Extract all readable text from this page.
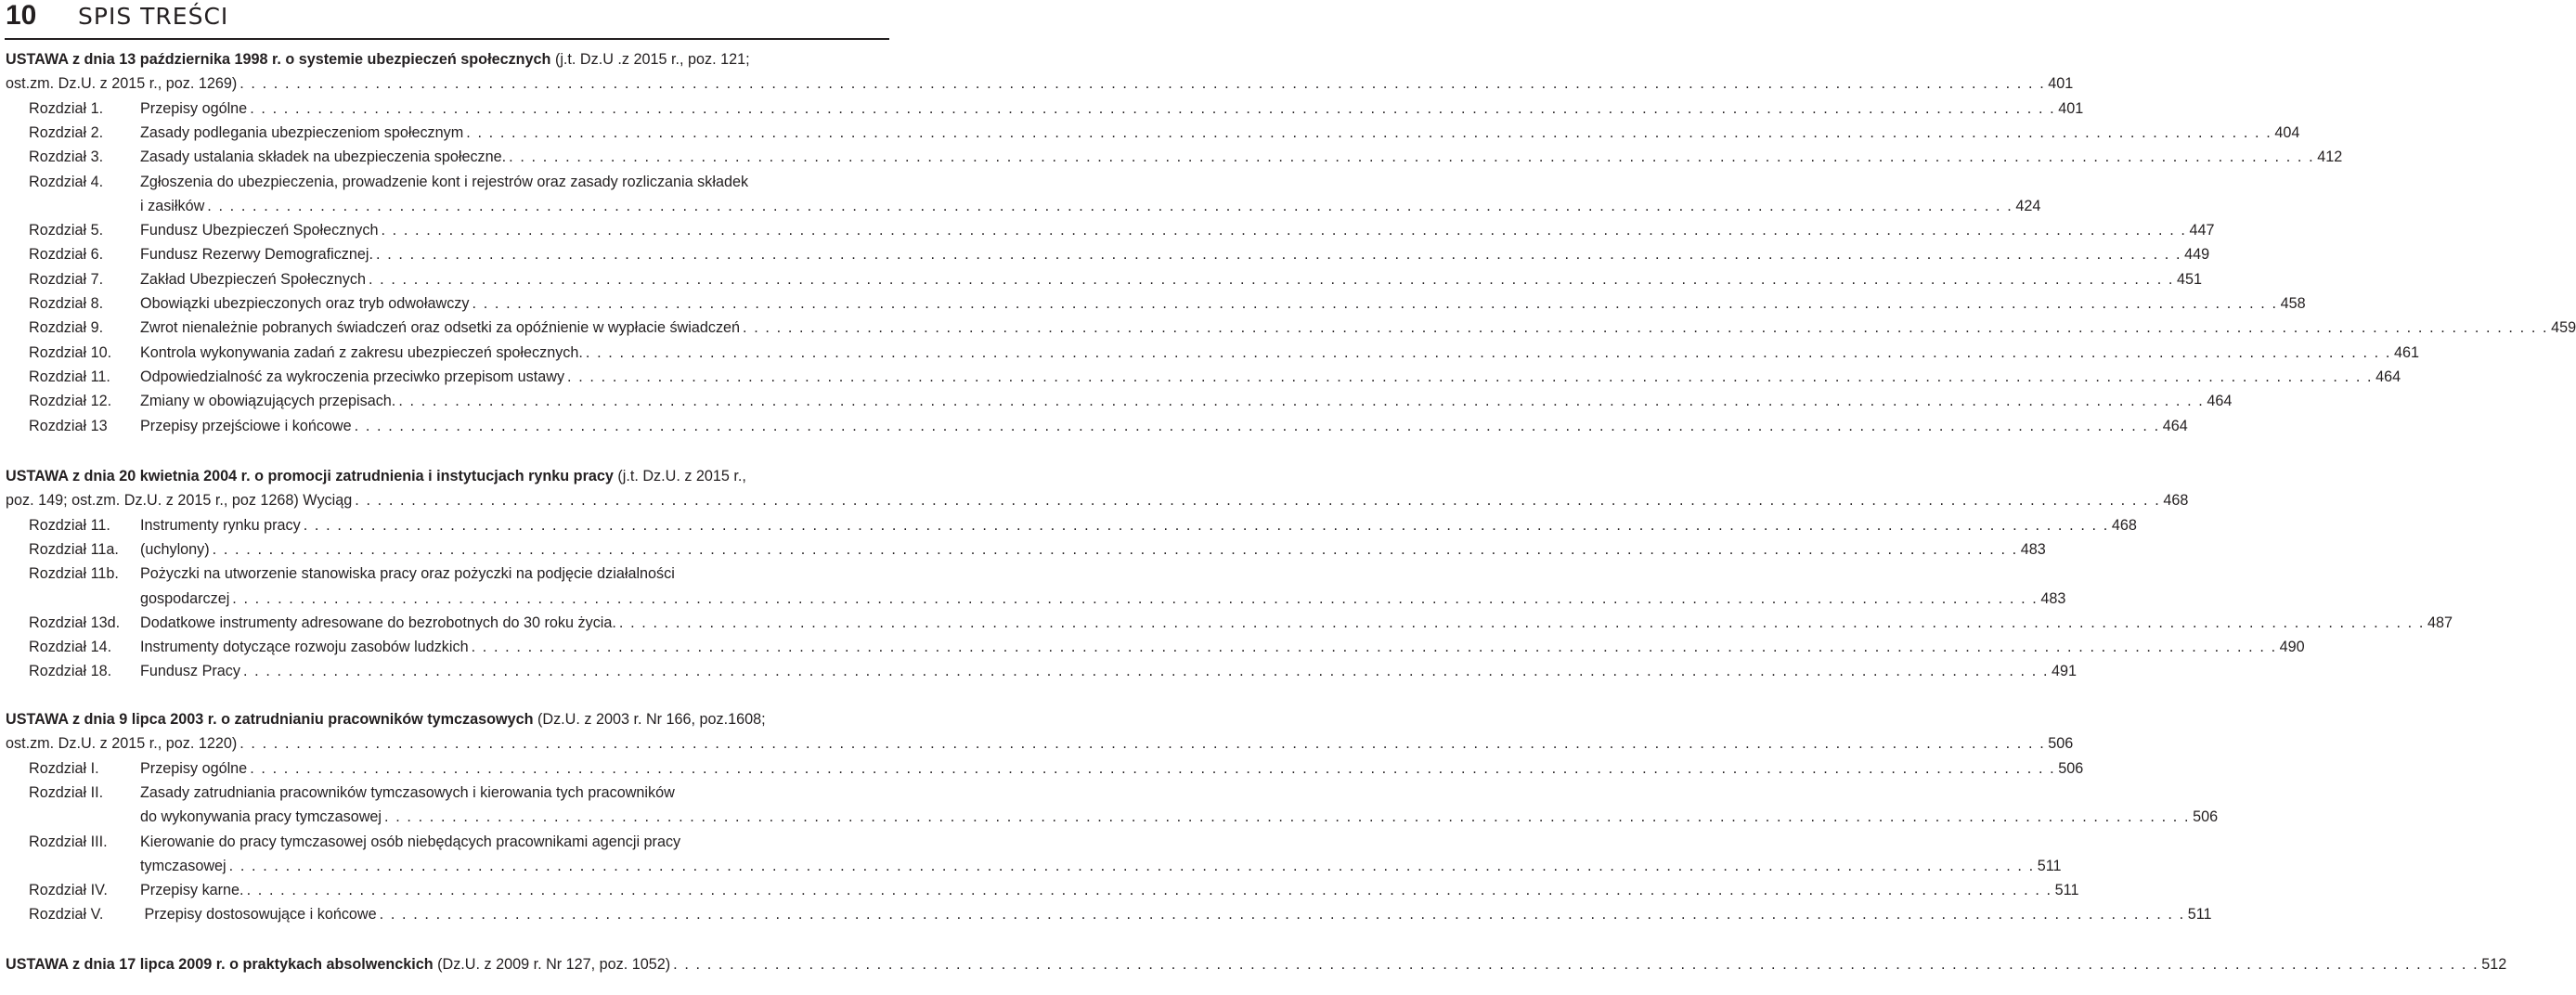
10 SPIS TREŚCI
USTAWA z dnia 13 października 1998 r. o systemie ubezpieczeń społecznych (j.t. Dz.U .z 2015 r., poz. 121;
ost.zm. Dz.U. z 2015 r., poz. 1269) . . . . . . . . . . . . . . . . . . . . . . . . . . . . . . . . . . . . . . . . . . . . . . . . . . . . . . . . . . . . . . . . . . . . . . . . . . . . . . . . . . . . . . . . . . . . . . . . . . . . . . . . . . . . . . . . . . . . . . . . . . . . . . . . . . . . . . . . . . . . . . . . . . . . . . . . . . . . . . . . 401
Rozdział 1. Przepisy ogólne . . . . . . . . . . . . . . . . . . . . . . . . . . . . . . . . . . . . . . . . . . . . . . . . . . . . . . . . . . . . . . . . . . . . . . . . . . . . . . . . . . . . . . . . . . . . . . . . . . . . . . . . . . . . . . . . . . . . . . . . . . . . . . . . . . . . . . . . . . . . . . . . . . . . . . . . . . . . . . . . 401
Rozdział 2. Zasady podlegania ubezpieczeniom społecznym . . . . . . . . . . . . . . . . . . . . . . . . . . . . . . . . . . . . . . . . . . . . . . . . . . . . . . . . . . . . . . . . . . . . . . . . . . . . . . . . . . . . . . . . . . . . . . . . . . . . . . . . . . . . . . . . . . . . . . . . . . . . . . . . . . . . . . . . . . . . . . . . . . . . . . . . . . . . . . . . 404
Rozdział 3. Zasady ustalania składek na ubezpieczenia społeczne. . . . . . . . . . . . . . . . . . . . . . . . . . . . . . . . . . . . . . . . . . . . . . . . . . . . . . . . . . . . . . . . . . . . . . . . . . . . . . . . . . . . . . . . . . . . . . . . . . . . . . . . . . . . . . . . . . . . . . . . . . . . . . . . . . . . . . . . . . . . . . . . . . . . . . . . . . . . . . . . . 412
Rozdział 4. Zgłoszenia do ubezpieczenia, prowadzenie kont i rejestrów oraz zasady rozliczania składek
i zasiłków . . . . . . . . . . . . . . . . . . . . . . . . . . . . . . . . . . . . . . . . . . . . . . . . . . . . . . . . . . . . . . . . . . . . . . . . . . . . . . . . . . . . . . . . . . . . . . . . . . . . . . . . . . . . . . . . . . . . . . . . . . . . . . . . . . . . . . . . . . . . . . . . . . . . . . . . . . . . . . . . 424
Rozdział 5. Fundusz Ubezpieczeń Społecznych . . . . . . . . . . . . . . . . . . . . . . . . . . . . . . . . . . . . . . . . . . . . . . . . . . . . . . . . . . . . . . . . . . . . . . . . . . . . . . . . . . . . . . . . . . . . . . . . . . . . . . . . . . . . . . . . . . . . . . . . . . . . . . . . . . . . . . . . . . . . . . . . . . . . . . . . . . . . . . . . 447
Rozdział 6. Fundusz Rezerwy Demograficznej. . . . . . . . . . . . . . . . . . . . . . . . . . . . . . . . . . . . . . . . . . . . . . . . . . . . . . . . . . . . . . . . . . . . . . . . . . . . . . . . . . . . . . . . . . . . . . . . . . . . . . . . . . . . . . . . . . . . . . . . . . . . . . . . . . . . . . . . . . . . . . . . . . . . . . . . . . . . . . . . . 449
Rozdział 7. Zakład Ubezpieczeń Społecznych . . . . . . . . . . . . . . . . . . . . . . . . . . . . . . . . . . . . . . . . . . . . . . . . . . . . . . . . . . . . . . . . . . . . . . . . . . . . . . . . . . . . . . . . . . . . . . . . . . . . . . . . . . . . . . . . . . . . . . . . . . . . . . . . . . . . . . . . . . . . . . . . . . . . . . . . . . . . . . . . 451
Rozdział 8. Obowiązki ubezpieczonych oraz tryb odwoławczy . . . . . . . . . . . . . . . . . . . . . . . . . . . . . . . . . . . . . . . . . . . . . . . . . . . . . . . . . . . . . . . . . . . . . . . . . . . . . . . . . . . . . . . . . . . . . . . . . . . . . . . . . . . . . . . . . . . . . . . . . . . . . . . . . . . . . . . . . . . . . . . . . . . . . . . . . . . . . . . . 458
Rozdział 9. Zwrot nienależnie pobranych świadczeń oraz odsetki za opóźnienie w wypłacie świadczeń . . . . . . . . . . . . . . . . . . . . . . . . . . . . . . . . . . . . . . . . . . . . . . . . . . . . . . . . . . . . . . . . . . . . . . . . . . . . . . . . . . . . . . . . . . . . . . . . . . . . . . . . . . . . . . . . . . . . . . . . . . . . . . . . . . . . . . . . . . . . . . . . . . . . . . . . . . . . . . . . 459
Rozdział 10. Kontrola wykonywania zadań z zakresu ubezpieczeń społecznych. . . . . . . . . . . . . . . . . . . . . . . . . . . . . . . . . . . . . . . . . . . . . . . . . . . . . . . . . . . . . . . . . . . . . . . . . . . . . . . . . . . . . . . . . . . . . . . . . . . . . . . . . . . . . . . . . . . . . . . . . . . . . . . . . . . . . . . . . . . . . . . . . . . . . . . . . . . . . . . . . 461
Rozdział 11. Odpowiedzialność za wykroczenia przeciwko przepisom ustawy . . . . . . . . . . . . . . . . . . . . . . . . . . . . . . . . . . . . . . . . . . . . . . . . . . . . . . . . . . . . . . . . . . . . . . . . . . . . . . . . . . . . . . . . . . . . . . . . . . . . . . . . . . . . . . . . . . . . . . . . . . . . . . . . . . . . . . . . . . . . . . . . . . . . . . . . . . . . . . . . 464
Rozdział 12. Zmiany w obowiązujących przepisach. . . . . . . . . . . . . . . . . . . . . . . . . . . . . . . . . . . . . . . . . . . . . . . . . . . . . . . . . . . . . . . . . . . . . . . . . . . . . . . . . . . . . . . . . . . . . . . . . . . . . . . . . . . . . . . . . . . . . . . . . . . . . . . . . . . . . . . . . . . . . . . . . . . . . . . . . . . . . . . . . 464
Rozdział 13 Przepisy przejściowe i końcowe . . . . . . . . . . . . . . . . . . . . . . . . . . . . . . . . . . . . . . . . . . . . . . . . . . . . . . . . . . . . . . . . . . . . . . . . . . . . . . . . . . . . . . . . . . . . . . . . . . . . . . . . . . . . . . . . . . . . . . . . . . . . . . . . . . . . . . . . . . . . . . . . . . . . . . . . . . . . . . . . 464
USTAWA z dnia 20 kwietnia 2004 r. o promocji zatrudnienia i instytucjach rynku pracy (j.t. Dz.U. z 2015 r.,
poz. 149; ost.zm. Dz.U. z 2015 r., poz 1268) Wyciąg . . . . . . . . . . . . . . . . . . . . . . . . . . . . . . . . . . . . . . . . . . . . . . . . . . . . . . . . . . . . . . . . . . . . . . . . . . . . . . . . . . . . . . . . . . . . . . . . . . . . . . . . . . . . . . . . . . . . . . . . . . . . . . . . . . . . . . . . . . . . . . . . . . . . . . . . . . . . . . . . 468
Rozdział 11. Instrumenty rynku pracy . . . . . . . . . . . . . . . . . . . . . . . . . . . . . . . . . . . . . . . . . . . . . . . . . . . . . . . . . . . . . . . . . . . . . . . . . . . . . . . . . . . . . . . . . . . . . . . . . . . . . . . . . . . . . . . . . . . . . . . . . . . . . . . . . . . . . . . . . . . . . . . . . . . . . . . . . . . . . . . . 468
Rozdział 11a. (uchylony) . . . . . . . . . . . . . . . . . . . . . . . . . . . . . . . . . . . . . . . . . . . . . . . . . . . . . . . . . . . . . . . . . . . . . . . . . . . . . . . . . . . . . . . . . . . . . . . . . . . . . . . . . . . . . . . . . . . . . . . . . . . . . . . . . . . . . . . . . . . . . . . . . . . . . . . . . . . . . . . . 483
Rozdział 11b. Pożyczki na utworzenie stanowiska pracy oraz pożyczki na podjęcie działalności
gospodarczej . . . . . . . . . . . . . . . . . . . . . . . . . . . . . . . . . . . . . . . . . . . . . . . . . . . . . . . . . . . . . . . . . . . . . . . . . . . . . . . . . . . . . . . . . . . . . . . . . . . . . . . . . . . . . . . . . . . . . . . . . . . . . . . . . . . . . . . . . . . . . . . . . . . . . . . . . . . . . . . . 483
Rozdział 13d. Dodatkowe instrumenty adresowane do bezrobotnych do 30 roku życia. . . . . . . . . . . . . . . . . . . . . . . . . . . . . . . . . . . . . . . . . . . . . . . . . . . . . . . . . . . . . . . . . . . . . . . . . . . . . . . . . . . . . . . . . . . . . . . . . . . . . . . . . . . . . . . . . . . . . . . . . . . . . . . . . . . . . . . . . . . . . . . . . . . . . . . . . . . . . . . . . 487
Rozdział 14. Instrumenty dotyczące rozwoju zasobów ludzkich . . . . . . . . . . . . . . . . . . . . . . . . . . . . . . . . . . . . . . . . . . . . . . . . . . . . . . . . . . . . . . . . . . . . . . . . . . . . . . . . . . . . . . . . . . . . . . . . . . . . . . . . . . . . . . . . . . . . . . . . . . . . . . . . . . . . . . . . . . . . . . . . . . . . . . . . . . . . . . . . 490
Rozdział 18. Fundusz Pracy . . . . . . . . . . . . . . . . . . . . . . . . . . . . . . . . . . . . . . . . . . . . . . . . . . . . . . . . . . . . . . . . . . . . . . . . . . . . . . . . . . . . . . . . . . . . . . . . . . . . . . . . . . . . . . . . . . . . . . . . . . . . . . . . . . . . . . . . . . . . . . . . . . . . . . . . . . . . . . . . 491
USTAWA z dnia 9 lipca 2003 r. o zatrudnianiu pracowników tymczasowych (Dz.U. z 2003 r. Nr 166, poz.1608;
ost.zm. Dz.U. z 2015 r., poz. 1220) . . . . . . . . . . . . . . . . . . . . . . . . . . . . . . . . . . . . . . . . . . . . . . . . . . . . . . . . . . . . . . . . . . . . . . . . . . . . . . . . . . . . . . . . . . . . . . . . . . . . . . . . . . . . . . . . . . . . . . . . . . . . . . . . . . . . . . . . . . . . . . . . . . . . . . . . . . . . . . . . 506
Rozdział I.	Przepisy ogólne . . . . . . . . . . . . . . . . . . . . . . . . . . . . . . . . . . . . . . . . . . . . . . . . . . . . . . . . . . . . . . . . . . . . . . . . . . . . . . . . . . . . . . . . . . . . . . . . . . . . . . . . . . . . . . . . . . . . . . . . . . . . . . . . . . . . . . . . . . . . . . . . . . . . . . . . . . . . . . . . 506
Rozdział II. Zasady zatrudniania pracowników tymczasowych i kierowania tych pracowników
do wykonywania pracy tymczasowej . . . . . . . . . . . . . . . . . . . . . . . . . . . . . . . . . . . . . . . . . . . . . . . . . . . . . . . . . . . . . . . . . . . . . . . . . . . . . . . . . . . . . . . . . . . . . . . . . . . . . . . . . . . . . . . . . . . . . . . . . . . . . . . . . . . . . . . . . . . . . . . . . . . . . . . . . . . . . . . . 506
Rozdział III. Kierowanie do pracy tymczasowej osób niebędących pracownikami agencji pracy
tymczasowej . . . . . . . . . . . . . . . . . . . . . . . . . . . . . . . . . . . . . . . . . . . . . . . . . . . . . . . . . . . . . . . . . . . . . . . . . . . . . . . . . . . . . . . . . . . . . . . . . . . . . . . . . . . . . . . . . . . . . . . . . . . . . . . . . . . . . . . . . . . . . . . . . . . . . . . . . . . . . . . . 511
Rozdział IV. Przepisy karne. . . . . . . . . . . . . . . . . . . . . . . . . . . . . . . . . . . . . . . . . . . . . . . . . . . . . . . . . . . . . . . . . . . . . . . . . . . . . . . . . . . . . . . . . . . . . . . . . . . . . . . . . . . . . . . . . . . . . . . . . . . . . . . . . . . . . . . . . . . . . . . . . . . . . . . . . . . . . . . . . 511
Rozdział V. Przepisy dostosowujące i końcowe . . . . . . . . . . . . . . . . . . . . . . . . . . . . . . . . . . . . . . . . . . . . . . . . . . . . . . . . . . . . . . . . . . . . . . . . . . . . . . . . . . . . . . . . . . . . . . . . . . . . . . . . . . . . . . . . . . . . . . . . . . . . . . . . . . . . . . . . . . . . . . . . . . . . . . . . . . . . . . . . 511
USTAWA z dnia 17 lipca 2009 r. o praktykach absolwenckich (Dz.U. z 2009 r. Nr 127, poz. 1052) . . . . . . . . . . . . . . . . . . . . . . . . . . . . . . . . . . . . . . . . . . . . . . . . . . . . . . . . . . . . . . . . . . . . . . . . . . . . . . . . . . . . . . . . . . . . . . . . . . . . . . . . . . . . . . . . . . . . . . . . . . . . . . . . . . . . . . . . . . . . . . . . . . . . . . . . . . . . . . . . 512
